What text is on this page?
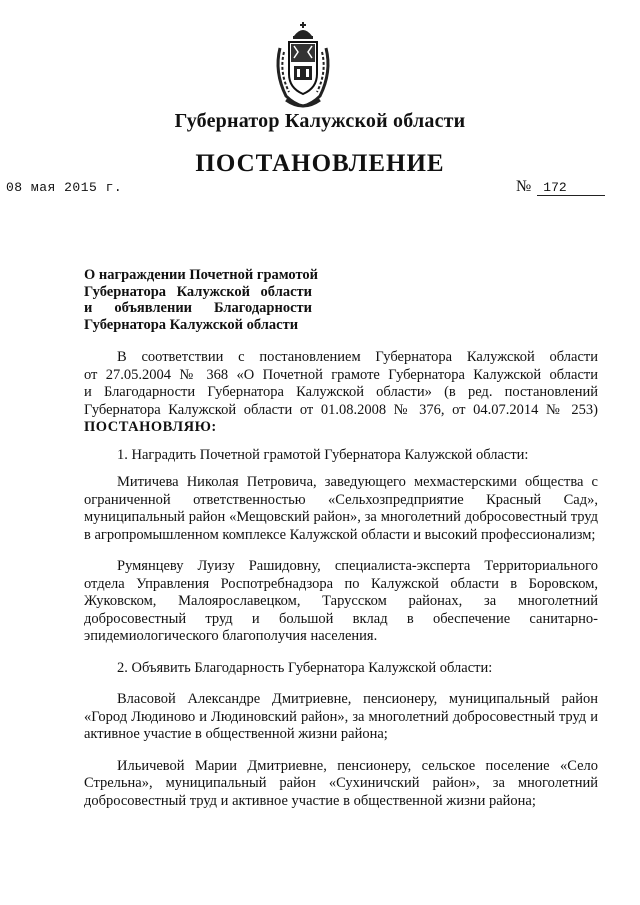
Губернатор Калужской области
ПОСТАНОВЛЕНИЕ
08 мая 2015 г.	№ 172
О награждении Почетной грамотой
Губернатора Калужской области
и объявлении Благодарности
Губернатора Калужской области
В соответствии с постановлением Губернатора Калужской области
от 27.05.2004 № 368 «О Почетной грамоте Губернатора Калужской области
и Благодарности Губернатора Калужской области» (в ред. постановлений
Губернатора Калужской области от 01.08.2008 № 376, от 04.07.2014 № 253)
ПОСТАНОВЛЯЮ:
1. Наградить Почетной грамотой Губернатора Калужской области:
Митичева Николая Петровича, заведующего мехмастерскими общества с
ограниченной ответственностью «Сельхозпредприятие Красный Сад»,
муниципальный район «Мещовский район», за многолетний добросовестный труд
в агропромышленном комплексе Калужской области и высокий профессионализм;
Румянцеву Луизу Рашидовну, специалиста-эксперта Территориального
отдела Управления Роспотребнадзора по Калужской области в Боровском,
Жуковском, Малоярославецком, Тарусском районах, за многолетний
добросовестный труд и большой вклад в обеспечение санитарно-
эпидемиологического благополучия населения.
2. Объявить Благодарность Губернатора Калужской области:
Власовой Александре Дмитриевне, пенсионеру, муниципальный район
«Город Людиново и Людиновский район», за многолетний добросовестный труд и
активное участие в общественной жизни района;
Ильичевой Марии Дмитриевне, пенсионеру, сельское поселение «Село
Стрельна», муниципальный район «Сухиничский район», за многолетний
добросовестный труд и активное участие в общественной жизни района;
